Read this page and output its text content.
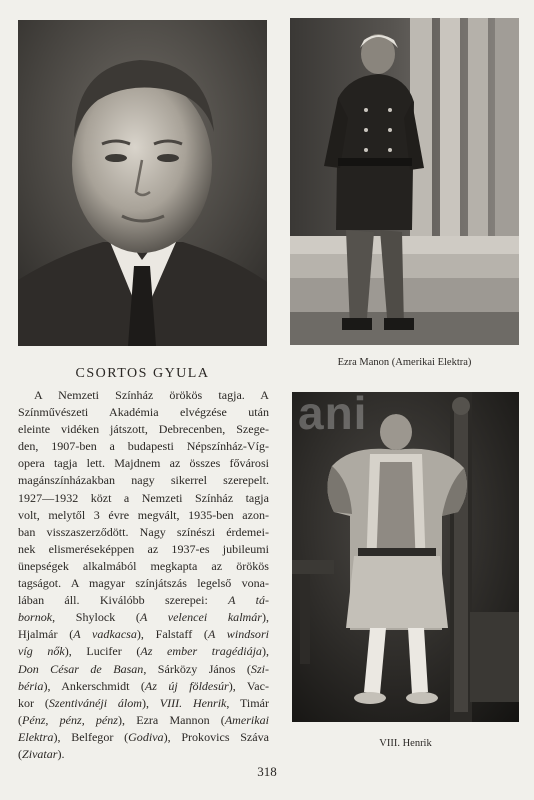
CSORTOS GYULA

A Nemzeti Színház örökös tagja. A
Színművészeti Akadémia elvégzése után
eleinte vidéken játszott, Debrecenben, Szege-
den, 1907-ben a budapesti Népszínház-Víg-
opera tagja lett. Majdnem az összes fővárosi
magánszínházakban nagy sikerrel szerepelt.
1927—1932 közt a Nemzeti Színház tagja
volt, melytől 3 évre megvált, 1935-ben azon-
ban visszaszerződött. Nagy színészi érdemei-
nek elismeréseképpen az 1937-es jubileumi
ünepségek alkalmából megkapta az örökös
tagságot. A magyar színjátszás legelső vona-
lában áll. Kiválóbb szerepei: A tá-
bornok, Shylock (A velencei kalmár),
Hjalmár (A vadkacsa), Falstaff (A windsori
víg nők), Lucifer (Az ember tragédiája),
Don César de Basan, Sárközy János (Szi-
béria), Ankerschmidt (Az új földesúr), Vac-
kor (Szentivánéji álom), VIII. Henrik, Timár
(Pénz, pénz, pénz), Ezra Mannon (Amerikai
Elektra), Belfegor (Godiva), Prokovics Száva
(Zivatar).

Ezra Manon (Amerikai Elektra)
VIII. Henrik
ani
318
